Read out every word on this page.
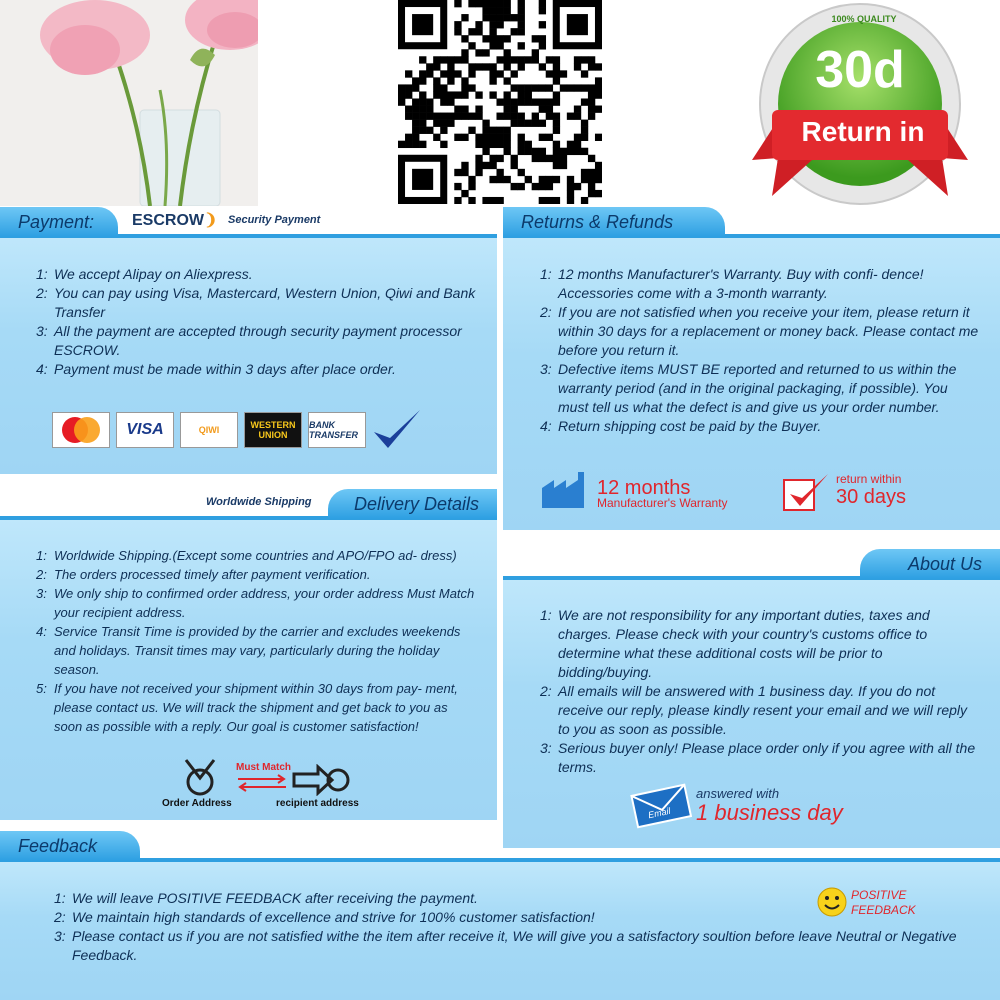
30d
Return in
100% QUALITY
Payment:	ESCROW❩ Security Payment
1: We accept Alipay on Aliexpress.
2: You can pay using Visa, Mastercard, Western Union, Qiwi and Bank Transfer
3: All the payment are accepted through security payment processor ESCROW.
4: Payment must be made within 3 days after place order.
VISA	QIWI	WESTERN UNION
BANK TRANSFER
Returns & Refunds
1: 12 months Manufacturer's Warranty. Buy with confi- dence! Accessories come with a 3-month warranty.
2: If you are not satisfied when you receive your item, please return it within 30 days for a replacement or money back. Please contact me before you return it.
3: Defective items MUST BE reported and returned to us within the warranty period (and in the original packaging, if possible). You must tell us what the defect is and give us your order number.
4: Return shipping cost be paid by the Buyer.
12 months
Manufacturer's Warranty
return within
30 days
Delivery Details
Worldwide Shipping
1: Worldwide Shipping.(Except some countries and APO/FPO ad- dress)
2: The orders processed timely after payment verification.
3: We only ship to confirmed order address, your order address Must Match your recipient address.
4: Service Transit Time is provided by the carrier and excludes weekends and holidays. Transit times may vary, particularly during the holiday season.
5: If you have not received your shipment within 30 days from pay- ment, please contact us. We will track the shipment and get back to you as soon as possible with a reply. Our goal is customer satisfaction!
Order Address
Must Match
recipient address
About Us
1: We are not responsibility for any important duties, taxes and charges. Please check with your country's customs office to determine what these additional costs will be prior to bidding/buying.
2: All emails will be answered with 1 business day. If you do not receive our reply, please kindly resent your email and we will reply to you as soon as possible.
3: Serious buyer only! Please place order only if you agree with all the terms.
Email
answered with
1 business day
Feedback
1: We will leave POSITIVE FEEDBACK after receiving the payment.
2: We maintain high standards of excellence and strive for 100% customer satisfaction!
3: Please contact us if you are not satisfied withe the item after receive it, We will give you a satisfactory soultion before leave Neutral or Negative Feedback.
POSITIVE
FEEDBACK
